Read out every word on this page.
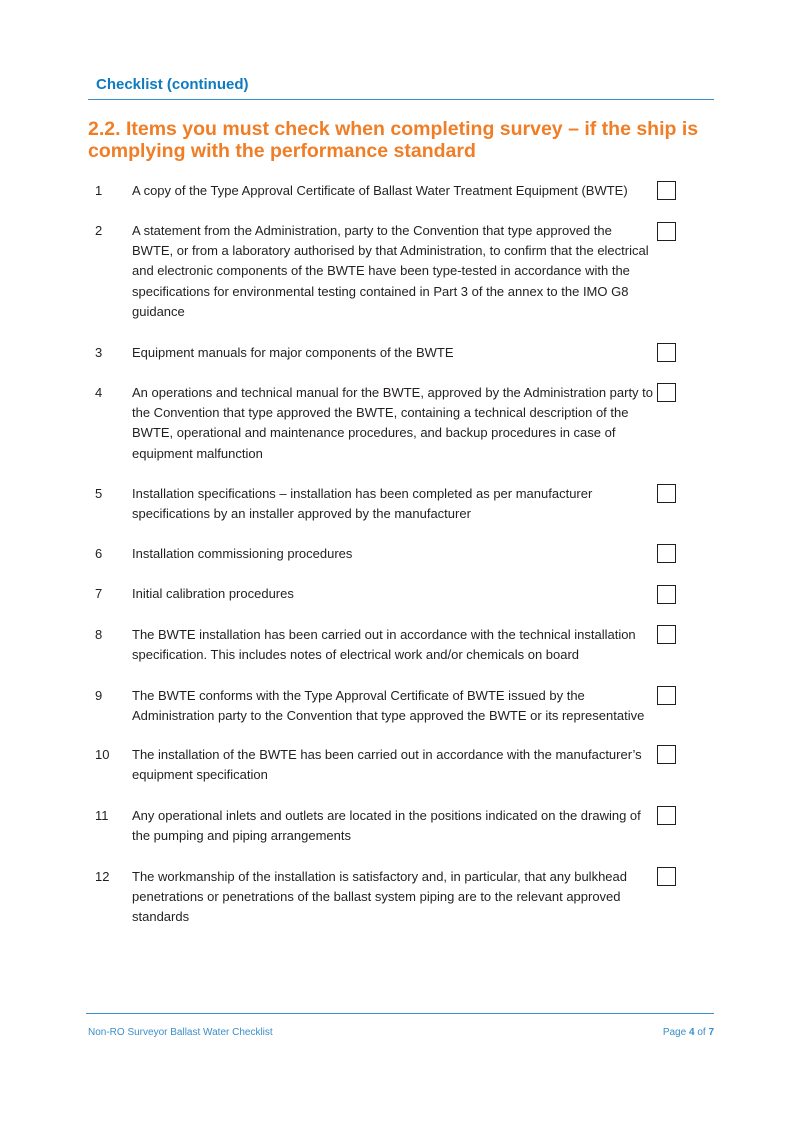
Checklist (continued)
2.2. Items you must check when completing survey – if the ship is complying with the performance standard
1 A copy of the Type Approval Certificate of Ballast Water Treatment Equipment (BWTE)
2 A statement from the Administration, party to the Convention that type approved the BWTE, or from a laboratory authorised by that Administration, to confirm that the electrical and electronic components of the BWTE have been type-tested in accordance with the specifications for environmental testing contained in Part 3 of the annex to the IMO G8 guidance
3 Equipment manuals for major components of the BWTE
4 An operations and technical manual for the BWTE, approved by the Administration party to the Convention that type approved the BWTE, containing a technical description of the BWTE, operational and maintenance procedures, and backup procedures in case of equipment malfunction
5 Installation specifications – installation has been completed as per manufacturer specifications by an installer approved by the manufacturer
6 Installation commissioning procedures
7 Initial calibration procedures
8 The BWTE installation has been carried out in accordance with the technical installation specification. This includes notes of electrical work and/or chemicals on board
9 The BWTE conforms with the Type Approval Certificate of BWTE issued by the Administration party to the Convention that type approved the BWTE or its representative
10 The installation of the BWTE has been carried out in accordance with the manufacturer’s equipment specification
11 Any operational inlets and outlets are located in the positions indicated on the drawing of the pumping and piping arrangements
12 The workmanship of the installation is satisfactory and, in particular, that any bulkhead penetrations or penetrations of the ballast system piping are to the relevant approved standards
Non-RO Surveyor Ballast Water Checklist	Page 4 of 7
